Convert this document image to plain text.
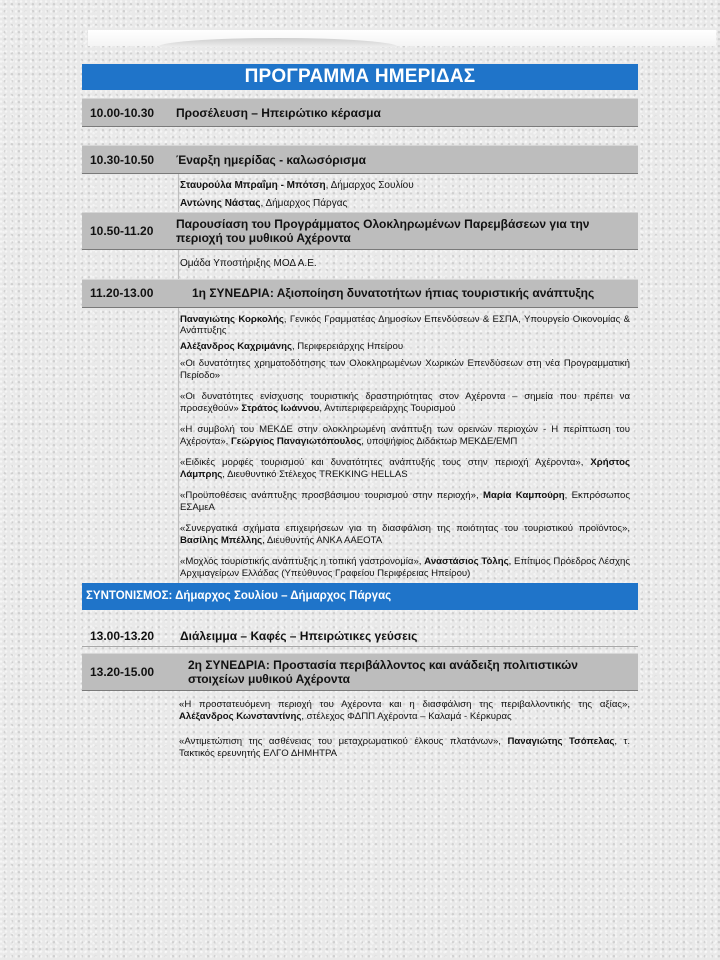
ΠΡΟΓΡΑΜΜΑ ΗΜΕΡΙΔΑΣ
10.00-10.30	Προσέλευση – Ηπειρώτικο κέρασμα
10.30-10.50	Έναρξη ημερίδας - καλωσόρισμα
Σταυρούλα Μπραΐμη - Μπότση, Δήμαρχος Σουλίου
Αντώνης Νάστας, Δήμαρχος Πάργας
10.50-11.20	Παρουσίαση του Προγράμματος Ολοκληρωμένων Παρεμβάσεων για την περιοχή του μυθικού Αχέροντα
Ομάδα Υποστήριξης ΜΟΔ Α.Ε.
11.20-13.00	1η ΣΥΝΕΔΡΙΑ: Αξιοποίηση δυνατοτήτων ήπιας τουριστικής ανάπτυξης
Παναγιώτης Κορκολής, Γενικός Γραμματέας Δημοσίων Επενδύσεων & ΕΣΠΑ, Υπουργείο Οικονομίας & Ανάπτυξης
Αλέξανδρος Καχριμάνης, Περιφερειάρχης Ηπείρου
«Οι δυνατότητες χρηματοδότησης των Ολοκληρωμένων Χωρικών Επενδύσεων στη νέα Προγραμματική Περίοδο»
«Οι δυνατότητες ενίσχυσης τουριστικής δραστηριότητας στον Αχέροντα – σημεία που πρέπει να προσεχθούν» Στράτος Ιωάννου, Αντιπεριφερειάρχης Τουρισμού
«Η συμβολή του ΜΕΚΔΕ στην ολοκληρωμένη ανάπτυξη των ορεινών περιοχών - Η περίπτωση του Αχέροντα», Γεώργιος Παναγιωτόπουλος, υποψήφιος Διδάκτωρ ΜΕΚΔΕ/ΕΜΠ
«Ειδικές μορφές τουρισμού και δυνατότητες ανάπτυξής τους στην περιοχή Αχέροντα», Χρήστος Λάμπρης, Διευθυντικό Στέλεχος TREKKING HELLAS
«Προϋποθέσεις ανάπτυξης προσβάσιμου τουρισμού στην περιοχή», Μαρία Καμπούρη, Εκπρόσωπος ΕΣΑμεΑ
«Συνεργατικά σχήματα επιχειρήσεων για τη διασφάλιση της ποιότητας του τουριστικού προϊόντος», Βασίλης Μπέλλης, Διευθυντής ΑΝΚΑ ΑΑΕΟΤΑ
«Μοχλός τουριστικής ανάπτυξης η τοπική γαστρονομία», Αναστάσιος Τόλης, Επίτιμος Πρόεδρος Λέσχης Αρχιμαγείρων Ελλάδας (Υπεύθυνος Γραφείου Περιφέρειας Ηπείρου)
ΣΥΝΤΟΝΙΣΜΟΣ: Δήμαρχος Σουλίου – Δήμαρχος Πάργας
13.00-13.20	Διάλειμμα – Καφές – Ηπειρώτικες γεύσεις
13.20-15.00	2η ΣΥΝΕΔΡΙΑ: Προστασία περιβάλλοντος και ανάδειξη πολιτιστικών στοιχείων μυθικού Αχέροντα
«Η προστατευόμενη περιοχή του Αχέροντα και η διασφάλιση της περιβαλλοντικής της αξίας», Αλέξανδρος Κωνσταντίνης, στέλεχος ΦΔΠΠ Αχέροντα – Καλαμά - Κέρκυρας
«Αντιμετώπιση της ασθένειας του μεταχρωματικού έλκους πλατάνων», Παναγιώτης Τσόπελας, τ. Τακτικός ερευνητής ΕΛΓΟ ΔΗΜΗΤΡΑ
